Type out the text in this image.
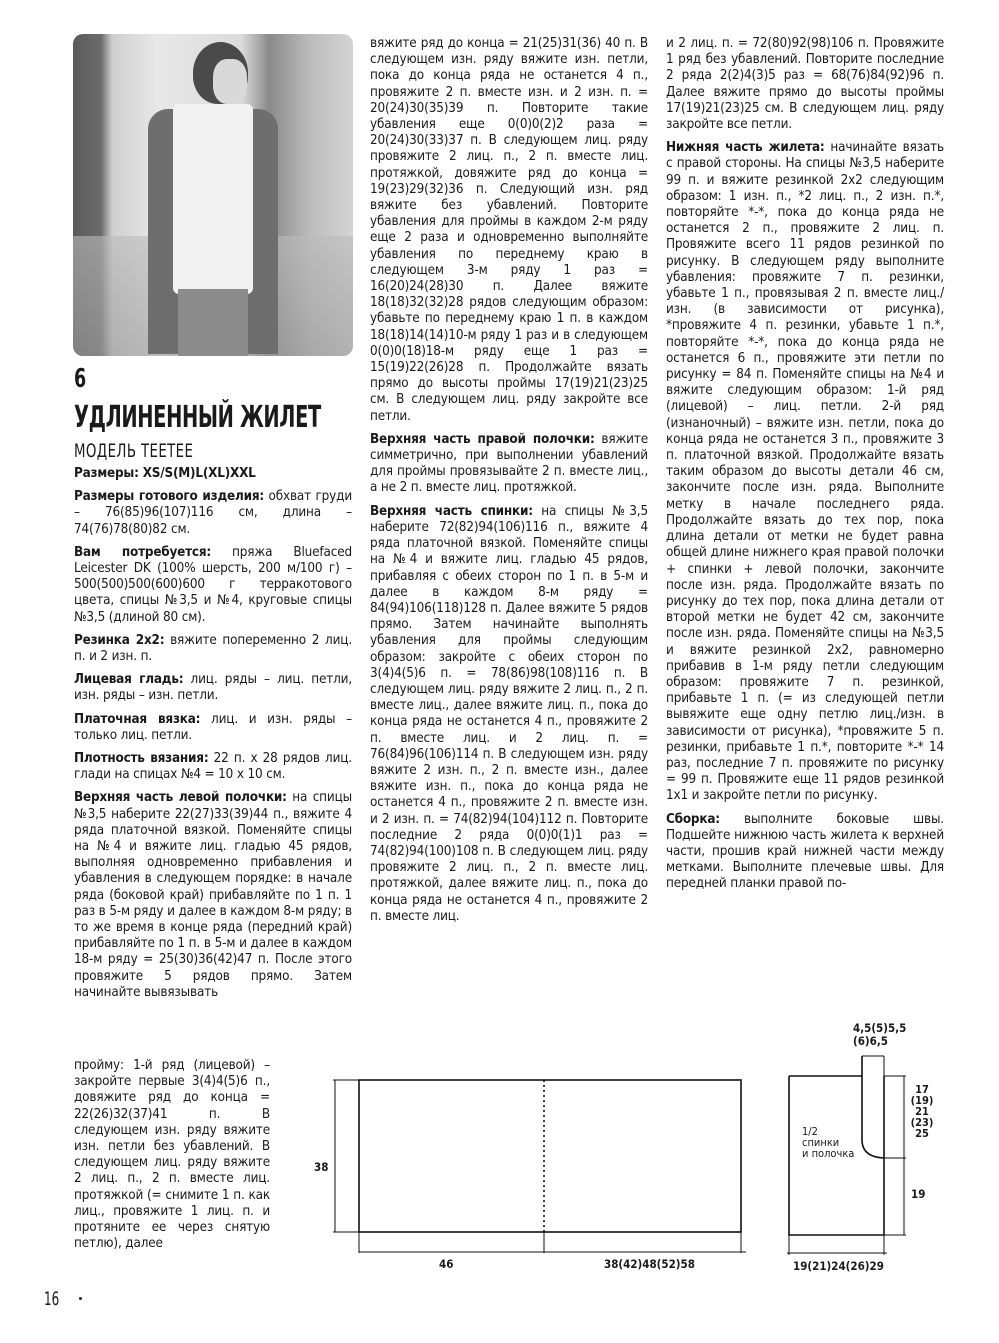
6
УДЛИНЕННЫЙ ЖИЛЕТ
МОДЕЛЬ TEETEE

Размеры: XS/S(M)L(XL)XXL

Размеры готового изделия: обхват груди – 76(85)96(107)116 см, длина – 74(76)78(80)82 см.

Вам потребуется: пряжа Bluefaced Leicester DK (100% шерсть, 200 м/100 г) – 500(500)500(600)600 г терракотового цвета, спицы №3,5 и №4, круговые спицы №3,5 (длиной 80 см).

Резинка 2x2: вяжите попеременно 2 лиц. п. и 2 изн. п.

Лицевая гладь: лиц. ряды – лиц. петли, изн. ряды – изн. петли.

Платочная вязка: лиц. и изн. ряды – только лиц. петли.

Плотность вязания: 22 п. х 28 рядов лиц. глади на спицах №4 = 10 х 10 см.

Верхняя часть левой полочки: на спицы №3,5 наберите 22(27)33(39)44 п., вяжите 4 ряда платочной вязкой. Поменяйте спицы на №4 и вяжите лиц. гладью 45 рядов, выполняя одновременно прибавления и убавления в следующем порядке: в начале ряда (боковой край) прибавляйте по 1 п. 1 раз в 5-м ряду и далее в каждом 8-м ряду; в то же время в конце ряда (передний край) прибавляйте по 1 п. в 5-м и далее в каждом 18-м ряду = 25(30)36(42)47 п. После этого провяжите 5 рядов прямо. Затем начинайте вывязывать

пройму: 1-й ряд (лицевой) – закройте первые 3(4)4(5)6 п., довяжите ряд до конца = 22(26)32(37)41 п. В следующем изн. ряду вяжите изн. петли без убавлений. В следующем лиц. ряду вяжите 2 лиц. п., 2 п. вместе лиц. протяжкой (= снимите 1 п. как лиц., провяжите 1 лиц. п. и протяните ее через снятую петлю), далее

вяжите ряд до конца = 21(25)31(36) 40 п. В следующем изн. ряду вяжите изн. петли, пока до конца ряда не останется 4 п., провяжите 2 п. вместе изн. и 2 изн. п. = 20(24)30(35)39 п. Повторите такие убавления еще 0(0)0(2)2 раза = 20(24)30(33)37 п. В следующем лиц. ряду провяжите 2 лиц. п., 2 п. вместе лиц. протяжкой, довяжите ряд до конца = 19(23)29(32)36 п. Следующий изн. ряд вяжите без убавлений. Повторите убавления для проймы в каждом 2-м ряду еще 2 раза и одновременно выполняйте убавления по переднему краю в следующем 3-м ряду 1 раз = 16(20)24(28)30 п. Далее вяжите 18(18)32(32)28 рядов следующим образом: убавьте по переднему краю 1 п. в каждом 18(18)14(14)10-м ряду 1 раз и в следующем 0(0)0(18)18-м ряду еще 1 раз = 15(19)22(26)28 п. Продолжайте вязать прямо до высоты проймы 17(19)21(23)25 см. В следующем лиц. ряду закройте все петли.

Верхняя часть правой полочки: вяжите симметрично, при выполнении убавлений для проймы провязывайте 2 п. вместе лиц., а не 2 п. вместе лиц. протяжкой.

Верхняя часть спинки: на спицы №3,5 наберите 72(82)94(106)116 п., вяжите 4 ряда платочной вязкой. Поменяйте спицы на №4 и вяжите лиц. гладью 45 рядов, прибавляя с обеих сторон по 1 п. в 5-м и далее в каждом 8-м ряду = 84(94)106(118)128 п. Далее вяжите 5 рядов прямо. Затем начинайте выполнять убавления для проймы следующим образом: закройте с обеих сторон по 3(4)4(5)6 п. = 78(86)98(108)116 п. В следующем лиц. ряду вяжите 2 лиц. п., 2 п. вместе лиц., далее вяжите лиц. п., пока до конца ряда не останется 4 п., провяжите 2 п. вместе лиц. и 2 лиц. п. = 76(84)96(106)114 п. В следующем изн. ряду вяжите 2 изн. п., 2 п. вместе изн., далее вяжите изн. п., пока до конца ряда не останется 4 п., провяжите 2 п. вместе изн. и 2 изн. п. = 74(82)94(104)112 п. Повторите последние 2 ряда 0(0)0(1)1 раз = 74(82)94(100)108 п. В следующем лиц. ряду провяжите 2 лиц. п., 2 п. вместе лиц. протяжкой, далее вяжите лиц. п., пока до конца ряда не останется 4 п., провяжите 2 п. вместе лиц.

и 2 лиц. п. = 72(80)92(98)106 п. Провяжите 1 ряд без убавлений. Повторите последние 2 ряда 2(2)4(3)5 раз = 68(76)84(92)96 п. Далее вяжите прямо до высоты проймы 17(19)21(23)25 см. В следующем лиц. ряду закройте все петли.

Нижняя часть жилета: начинайте вязать с правой стороны. На спицы №3,5 наберите 99 п. и вяжите резинкой 2x2 следующим образом: 1 изн. п., *2 лиц. п., 2 изн. п.*, повторяйте *-*, пока до конца ряда не останется 2 п., провяжите 2 лиц. п. Провяжите всего 11 рядов резинкой по рисунку. В следующем ряду выполните убавления: провяжите 7 п. резинки, убавьте 1 п., провязывая 2 п. вместе лиц./изн. (в зависимости от рисунка), *провяжите 4 п. резинки, убавьте 1 п.*, повторяйте *-*, пока до конца ряда не останется 6 п., провяжите эти петли по рисунку = 84 п. Поменяйте спицы на №4 и вяжите следующим образом: 1-й ряд (лицевой) – лиц. петли. 2-й ряд (изнаночный) – вяжите изн. петли, пока до конца ряда не останется 3 п., провяжите 3 п. платочной вязкой. Продолжайте вязать таким образом до высоты детали 46 см, закончите после изн. ряда. Выполните метку в начале последнего ряда. Продолжайте вязать до тех пор, пока длина детали от метки не будет равна общей длине нижнего края правой полочки + спинки + левой полочки, закончите после изн. ряда. Продолжайте вязать по рисунку до тех пор, пока длина детали от второй метки не будет 42 см, закончите после изн. ряда. Поменяйте спицы на №3,5 и вяжите резинкой 2x2, равномерно прибавив в 1-м ряду петли следующим образом: провяжите 7 п. резинкой, прибавьте 1 п. (= из следующей петли вывяжите еще одну петлю лиц./изн. в зависимости от рисунка), *провяжите 5 п. резинки, прибавьте 1 п.*, повторите *-* 14 раз, последние 7 п. провяжите по рисунку = 99 п. Провяжите еще 11 рядов резинкой 1x1 и закройте петли по рисунку.

Сборка: выполните боковые швы. Подшейте нижнюю часть жилета к верхней части, прошив край нижней части между метками. Выполните плечевые швы. Для передней планки правой по-

38
46	38(42)48(52)58
4,5(5)5,5
(6)6,5
17
(19)
21
(23)
25
19
19(21)24(26)29
1/2
спинки
и полочка
16
